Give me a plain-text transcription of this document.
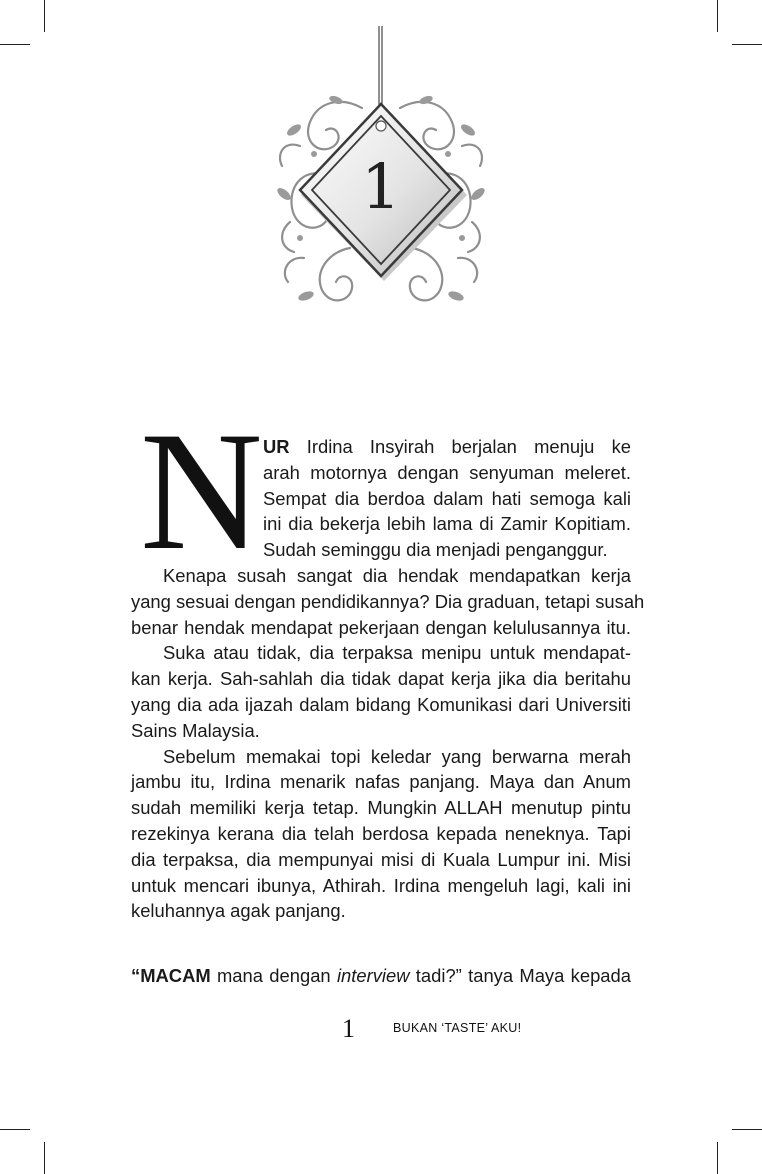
1
N UR Irdina Insyirah berjalan menuju ke
arah motornya dengan senyuman meleret.
Sempat dia berdoa dalam hati semoga kali
ini dia bekerja lebih lama di Zamir Kopitiam.
Sudah seminggu dia menjadi penganggur.
Kenapa susah sangat dia hendak mendapatkan kerja
yang sesuai dengan pendidikannya? Dia graduan, tetapi susah
benar hendak mendapat pekerjaan dengan kelulusannya itu.
Suka atau tidak, dia terpaksa menipu untuk mendapat-
kan kerja. Sah-sahlah dia tidak dapat kerja jika dia beritahu
yang dia ada ijazah dalam bidang Komunikasi dari Universiti
Sains Malaysia.
Sebelum memakai topi keledar yang berwarna merah
jambu itu, Irdina menarik nafas panjang. Maya dan Anum
sudah memiliki kerja tetap. Mungkin ALLAH menutup pintu
rezekinya kerana dia telah berdosa kepada neneknya. Tapi
dia terpaksa, dia mempunyai misi di Kuala Lumpur ini. Misi
untuk mencari ibunya, Athirah. Irdina mengeluh lagi, kali ini
keluhannya agak panjang.
“MACAM mana dengan interview tadi?” tanya Maya kepada
1	BUKAN ‘TASTE’ AKU!
